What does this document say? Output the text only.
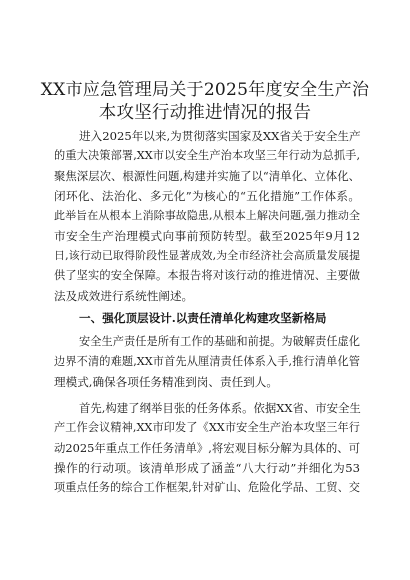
XX市应急管理局关于2025年度安全生产治
本攻坚行动推进情况的报告
进入2025年以来,为贯彻落实国家及XX省关于安全生产
的重大决策部署,XX市以安全生产治本攻坚三年行动为总抓手,
聚焦深层次、根源性问题,构建并实施了以“清单化、立体化、
闭环化、法治化、多元化”为核心的“五化措施”工作体系。
此举旨在从根本上消除事故隐患,从根本上解决问题,强力推动全
市安全生产治理模式向事前预防转型。截至2025年9月12
日,该行动已取得阶段性显著成效,为全市经济社会高质量发展提
供了坚实的安全保障。本报告将对该行动的推进情况、主要做
法及成效进行系统性阐述。
一、强化顶层设计.以责任清单化构建攻坚新格局
安全生产责任是所有工作的基础和前提。为破解责任虚化
边界不清的难题,XX市首先从厘清责任体系入手,推行清单化管
理模式,确保各项任务精准到岗、责任到人。
首先,构建了纲举目张的任务体系。依据XX省、市安全生
产工作会议精神,XX市印发了《XX市安全生产治本攻坚三年行
动2025年重点工作任务清单》,将宏观目标分解为具体的、可
操作的行动项。该清单形成了涵盖“八大行动”并细化为53
项重点任务的综合工作框架,针对矿山、危险化学品、工贸、交
